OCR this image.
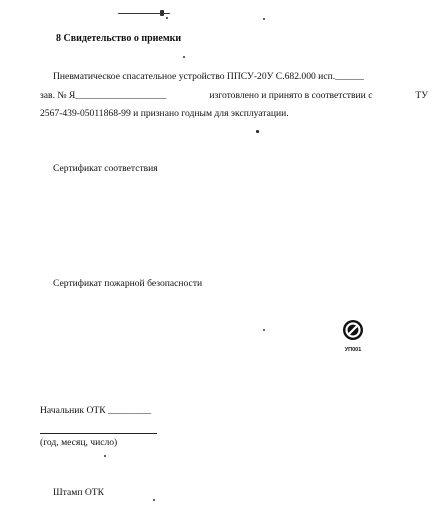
8 Свидетельство о приемки
Пневматическое спасательное устройство ППСУ-20У С.682.000 исп.______
зав. № Я___________________	изготовлено и принято в соответствии с	ТУ
2567-439-05011868-99 и признано годным для эксплуатации.
Сертификат соответствия
Сертификат пожарной безопасности
УП001
Начальник ОТК _________
(год, месяц, число)
Штамп ОТК
